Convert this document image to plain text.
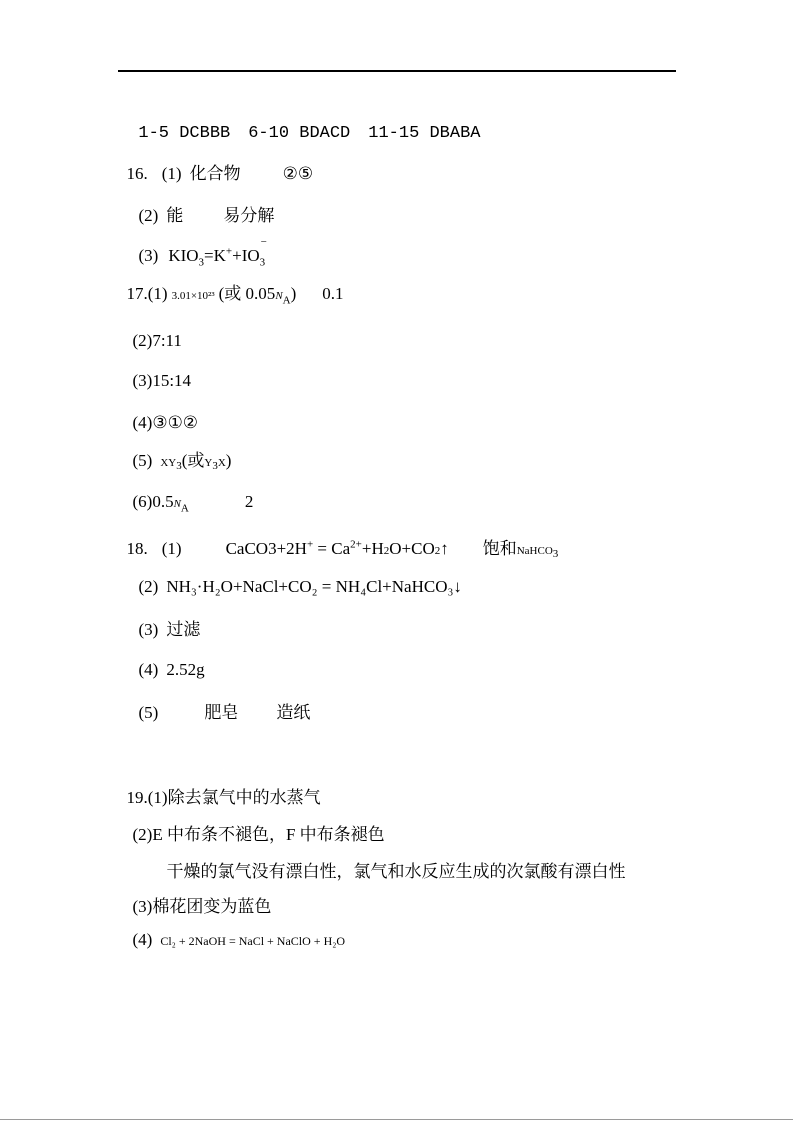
1-5 DCBBB 6-10 BDACD 11-15 DBABA

16. (1) 化合物 ②⑤

(2) 能 易分解

(3) $KIO_3=K^++IO$
−
$_3$

17.(1) 3.01×10²³ (或 $0.05N_A$) 0.1

(2)7:11

(3)15:14

(4)③①②

(5) $XY_3$(或$Y_3X$)

$(6)0.5N_A$	2

18. (1)	CaCO3+2H+ = $Ca^{2+}+H2O+CO2↑$ 饱和NaHCO$_3$

(2) NH₃·H₂O+NaCl+CO₂ = NH₄Cl+NaHCO₃↓

(3) 过滤

(4) 2.52g

(5)	肥皂 造纸

19.(1)除去氯气中的水蒸气

(2)E 中布条不褪色，F 中布条褪色

干燥的氯气没有漂白性，氯气和水反应生成的次氯酸有漂白性

(3)棉花团变为蓝色

(4) Cl₂ + 2NaOH = NaCl + NaClO + H₂O
